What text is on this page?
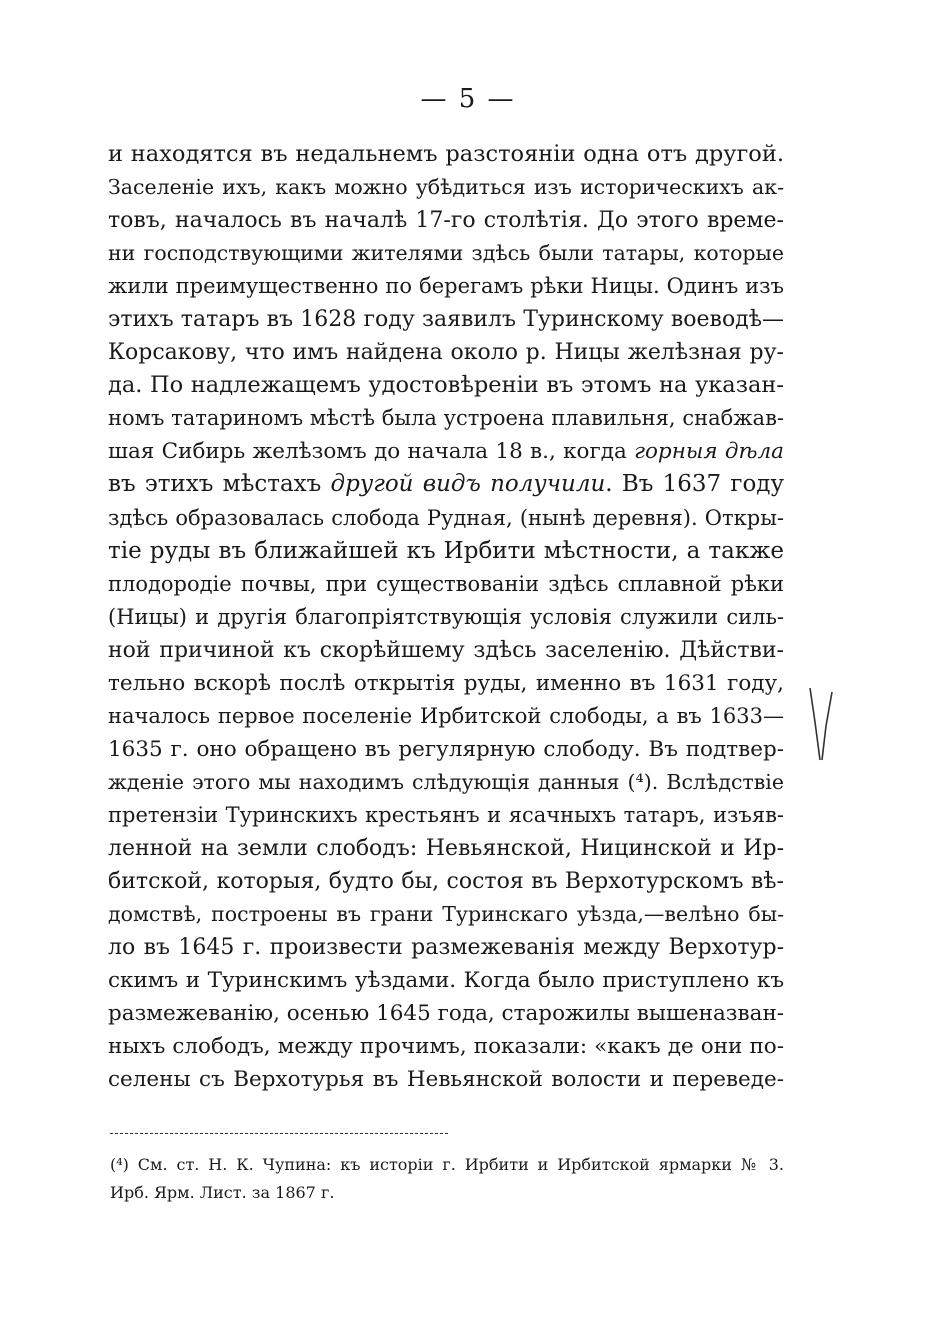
— 5 —
и находятся въ недальнемъ разстояніи одна отъ другой.
Заселеніе ихъ, какъ можно убѣдиться изъ историческихъ ак-
товъ, началось въ началѣ 17-го столѣтія. До этого време-
ни господствующими жителями здѣсь были татары, которые
жили преимущественно по берегамъ рѣки Ницы. Одинъ изъ
этихъ татаръ въ 1628 году заявилъ Туринскому воеводѣ—
Корсакову, что имъ найдена около р. Ницы желѣзная ру-
да. По надлежащемъ удостовѣреніи въ этомъ на указан-
номъ татариномъ мѣстѣ была устроена плавильня, снабжав-
шая Сибирь желѣзомъ до начала 18 в., когда горныя дѣла
въ этихъ мѣстахъ другой видъ получили. Въ 1637 году
здѣсь образовалась слобода Рудная, (нынѣ деревня). Откры-
тіе руды въ ближайшей къ Ирбити мѣстности, а также
плодородіе почвы, при существованіи здѣсь сплавной рѣки
(Ницы) и другія благопріятствующія условія служили силь-
ной причиной къ скорѣйшему здѣсь заселенію. Дѣйстви-
тельно вскорѣ послѣ открытія руды, именно въ 1631 году,
началось первое поселеніе Ирбитской слободы, а въ 1633—
1635 г. оно обращено въ регулярную слободу. Въ подтвер-
жденіе этого мы находимъ слѣдующія данныя (⁴). Вслѣдствіе
претензіи Туринскихъ крестьянъ и ясачныхъ татаръ, изъяв-
ленной на земли слободъ: Невьянской, Ницинской и Ир-
битской, которыя, будто бы, состоя въ Верхотурскомъ вѣ-
домствѣ, построены въ грани Туринскаго уѣзда,—велѣно бы-
ло въ 1645 г. произвести размежеванія между Верхотур-
скимъ и Туринскимъ уѣздами. Когда было приступлено къ
размежеванію, осенью 1645 года, старожилы вышеназван-
ныхъ слободъ, между прочимъ, показали: «какъ де они по-
селены съ Верхотурья въ Невьянской волости и переведе-
(⁴) См. ст. Н. К. Чупина: къ исторіи г. Ирбити и Ирбитской ярмарки № 3.
Ирб. Ярм. Лист. за 1867 г.
